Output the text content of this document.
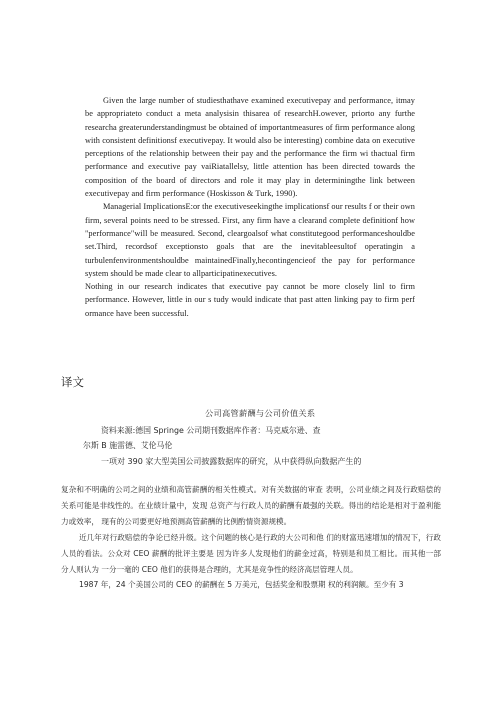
Given the large number of studiesthathave examined executivepay and performance, itmay be appropriateto conduct a meta analysisin thisarea of researchH.owever, priorto any furthe researcha greaterunderstandingmust be obtained of importantmeasures of firm performance along with consistent definitionsf executivepay. It would also be interesting) combine data on executive perceptions of the relationship between their pay and the performance the firm wi thactual firm performance and executive pay vaiRiatallelsy, little attention has been directed towards the composition of the board of directors and role it may play in determiningthe link between executivepay and firm performance (Hoskisson & Turk, 1990).

Managerial ImplicationsE:or the executiveseekingthe implicationsf our results f or their own firm, several points need to be stressed. First, any firm have a clearand complete definitionf how "performance"will be measured. Second, cleargoalsof what constitutegood performanceshouldbe set.Third, recordsof exceptionsto goals that are the inevitableesultof operatingin a turbulenfenvironmentshouldbe maintainedFinally,hecontingencieof the pay for performance system should be made clear to allparticipatinexecutives.

Nothing in our research indicates that executive pay cannot be more closely linl to firm performance. However, little in our s tudy would indicate that past atten linking pay to firm perf ormance have been successful.

译文
公司高管薪酬与公司价值关系
资料来源:德国 Springe 公司期刊数据库作者：马克威尔逊、查
尔斯 B 施雷德、艾伦马伦
一项对 390 家大型美国公司披露数据库的研究，从中获得纵向数据产生的

复杂和不明确的公司之间的业绩和高管薪酬的相关性模式。对有关数据的审查 表明，公司业绩之间及行政赔偿的关系可能是非线性的。在业绩计量中，发现 总资产与行政人员的薪酬有最强的关联。得出的结论是相对于盈利能力或效率， 现有的公司要更好地预测高管薪酬的比例酌情资源规模。

近几年对行政赔偿的争论已经升级。这个问题的核心是行政的大公司和他 们的财富迅速增加的情况下，行政人员的看法。公众对 CEO 薪酬的批评主要是 因为许多人发现他们的薪金过高，特别是和员工相比。而其他一部分人则认为 一分一毫的 CEO 他们的获得是合理的，尤其是竞争性的经济高层管理人员。

1987 年，24 个美国公司的 CEO 的薪酬在 5 万美元，包括奖金和股票期 权的利润额。至少有 3
